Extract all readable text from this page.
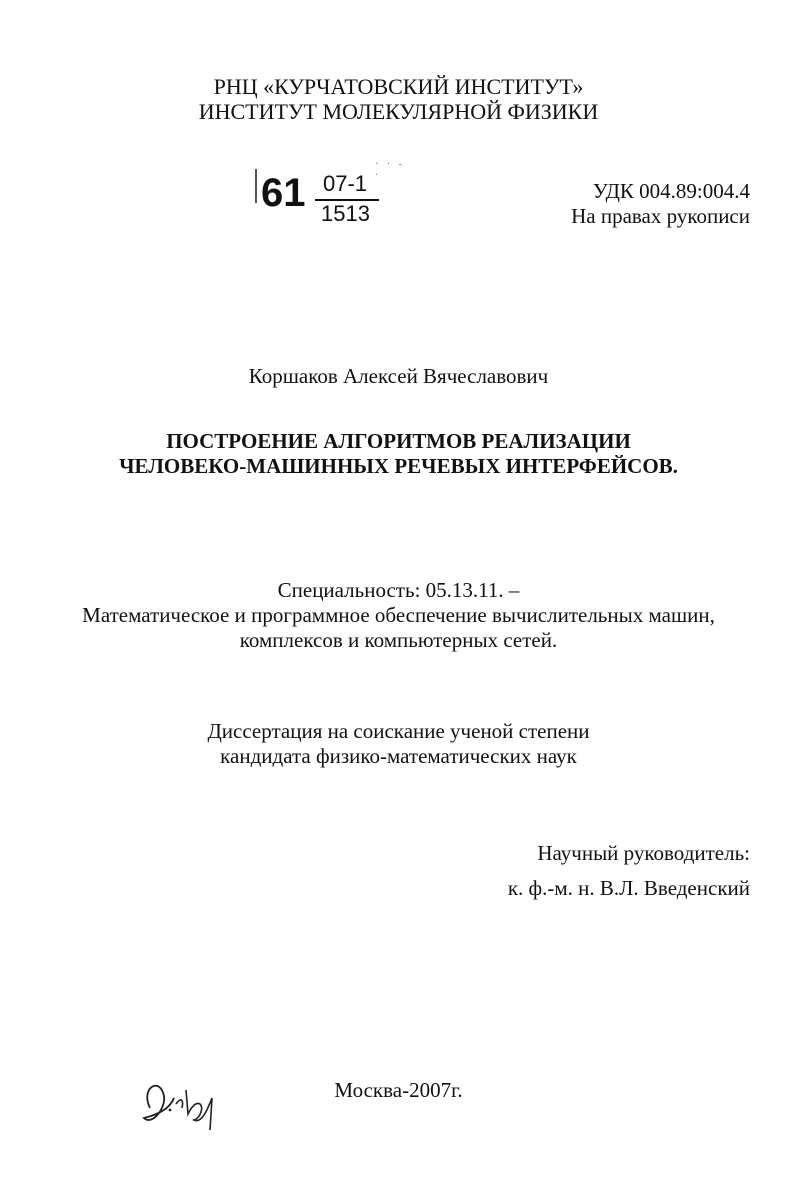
РНЦ «КУРЧАТОВСКИЙ ИНСТИТУТ»
ИНСТИТУТ МОЛЕКУЛЯРНОЙ ФИЗИКИ
· · - ·
61 07-1
1513
УДК 004.89:004.4
На правах рукописи
Коршаков Алексей Вячеславович
ПОСТРОЕНИЕ АЛГОРИТМОВ РЕАЛИЗАЦИИ
ЧЕЛОВЕКО-МАШИННЫХ РЕЧЕВЫХ ИНТЕРФЕЙСОВ.
Специальность: 05.13.11. –
Математическое и программное обеспечение вычислительных машин,
комплексов и компьютерных сетей.
Диссертация на соискание ученой степени
кандидата физико-математических наук
Научный руководитель:
к. ф.-м. н. В.Л. Введенский
Москва-2007г.
